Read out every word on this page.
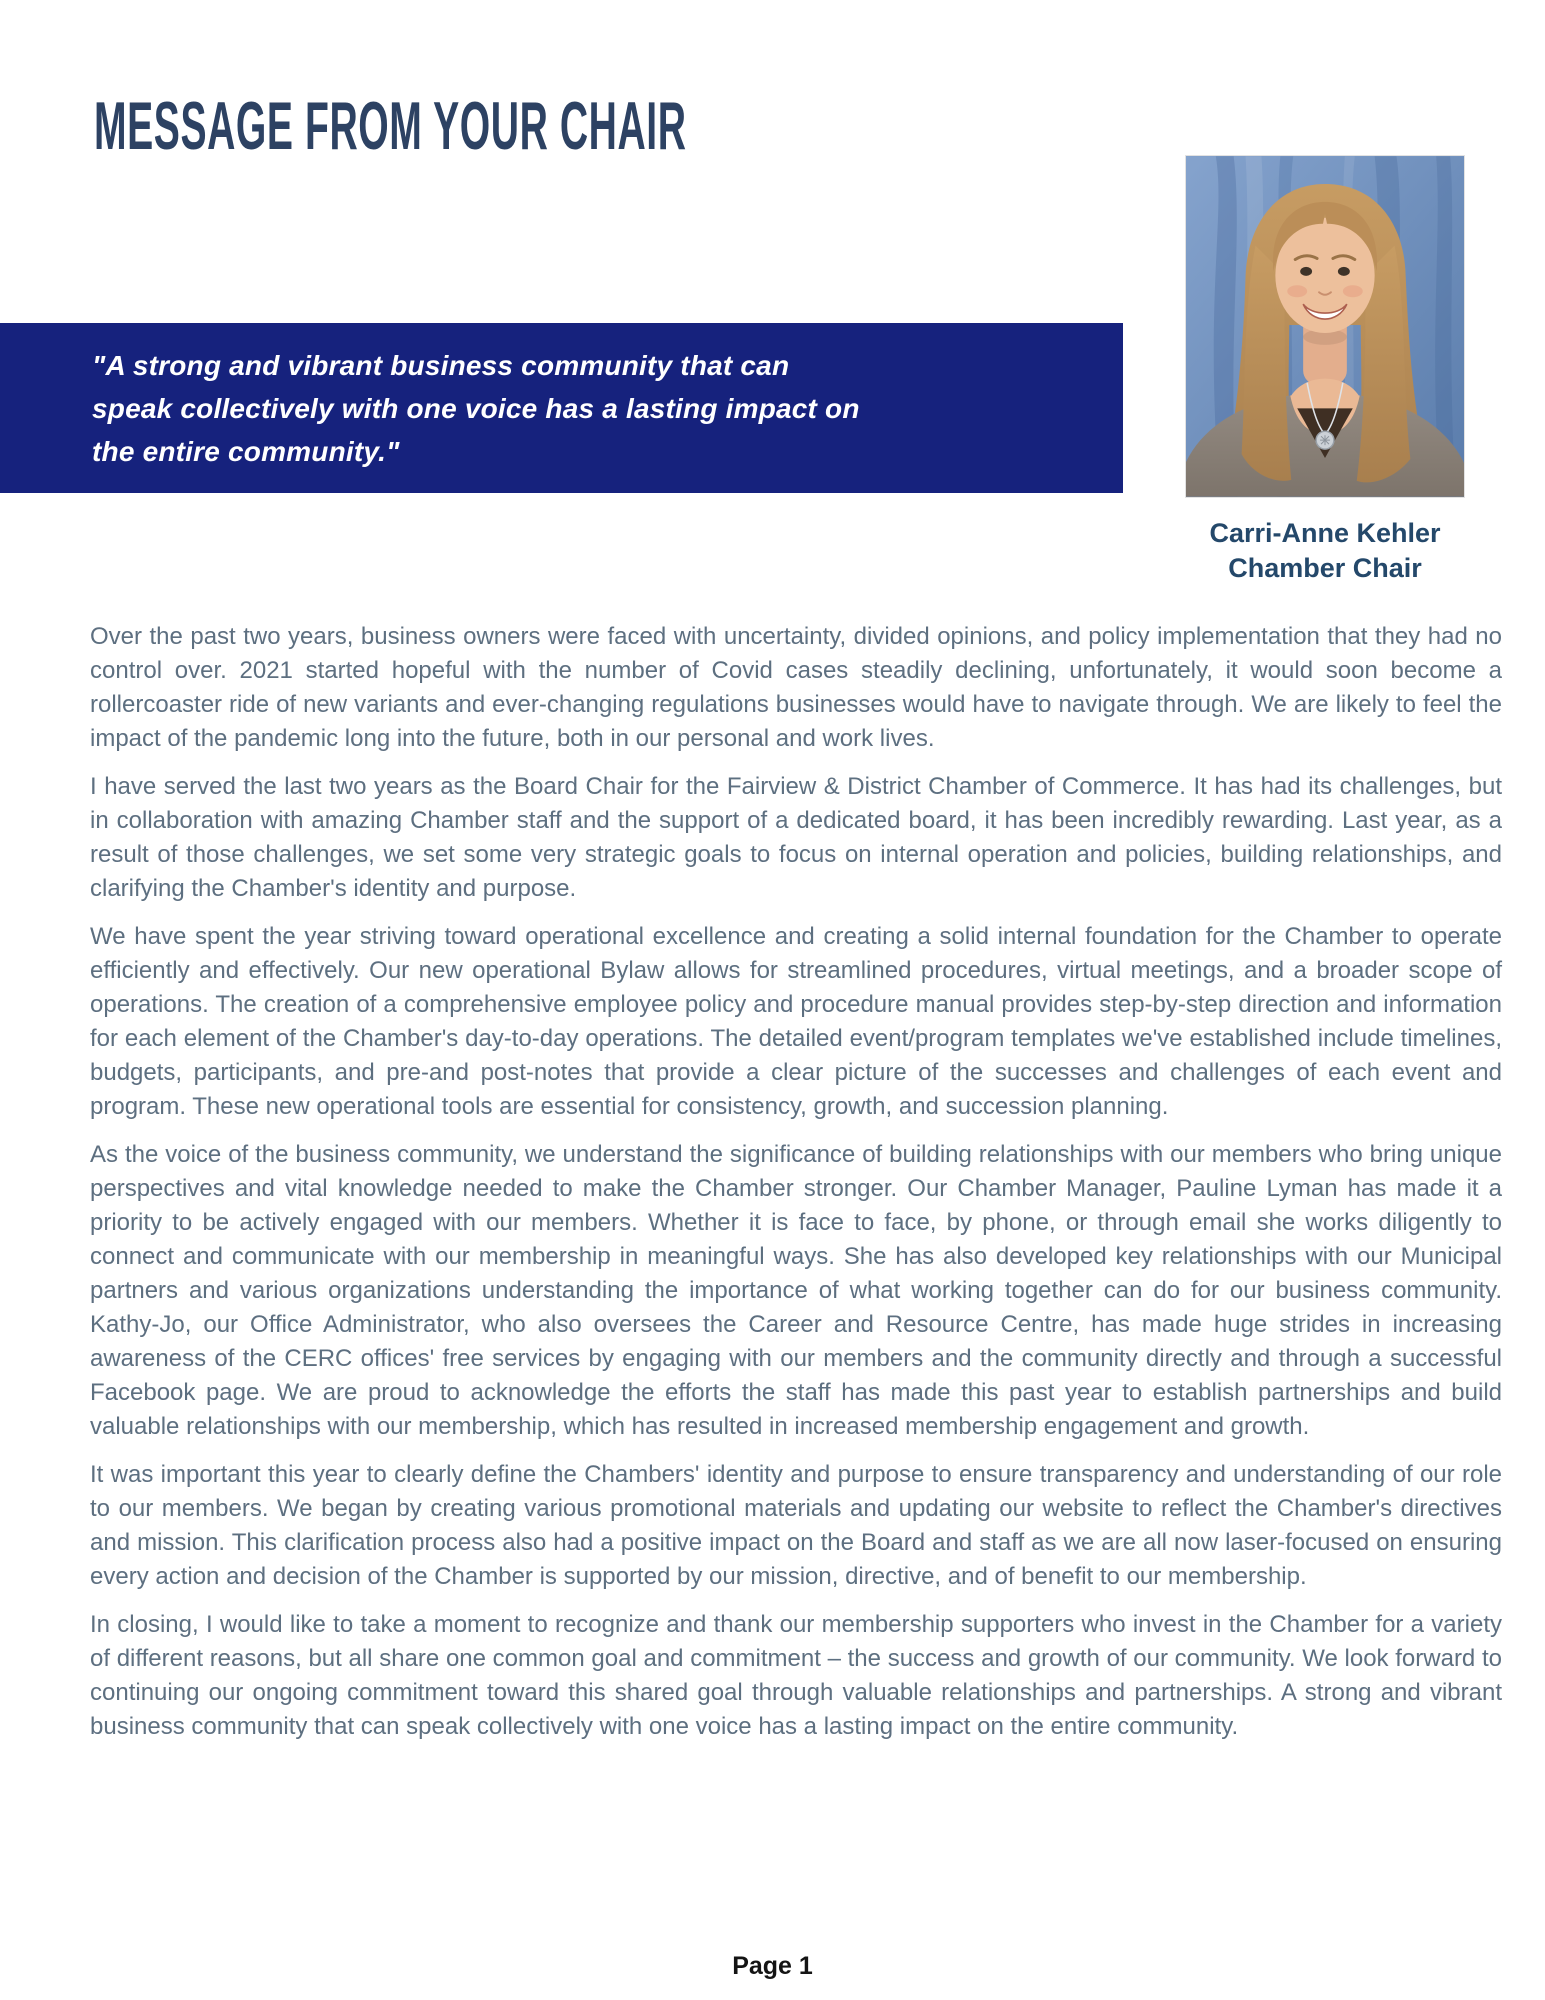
MESSAGE FROM YOUR CHAIR
"A strong and vibrant business community that can
speak collectively with one voice has a lasting impact on
the entire community."
Carri-Anne Kehler
Chamber Chair

Over the past two years, business owners were faced with uncertainty, divided opinions, and policy implementation that they had no control over. 2021 started hopeful with the number of Covid cases steadily declining, unfortunately, it would soon become a rollercoaster ride of new variants and ever-changing regulations businesses would have to navigate through. We are likely to feel the impact of the pandemic long into the future, both in our personal and work lives.

I have served the last two years as the Board Chair for the Fairview & District Chamber of Commerce. It has had its challenges, but in collaboration with amazing Chamber staff and the support of a dedicated board, it has been incredibly rewarding. Last year, as a result of those challenges, we set some very strategic goals to focus on internal operation and policies, building relationships, and clarifying the Chamber's identity and purpose.

We have spent the year striving toward operational excellence and creating a solid internal foundation for the Chamber to operate efficiently and effectively. Our new operational Bylaw allows for streamlined procedures, virtual meetings, and a broader scope of operations. The creation of a comprehensive employee policy and procedure manual provides step-by-step direction and information for each element of the Chamber's day-to-day operations. The detailed event/program templates we've established include timelines, budgets, participants, and pre-and post-notes that provide a clear picture of the successes and challenges of each event and program. These new operational tools are essential for consistency, growth, and succession planning.

As the voice of the business community, we understand the significance of building relationships with our members who bring unique perspectives and vital knowledge needed to make the Chamber stronger. Our Chamber Manager, Pauline Lyman has made it a priority to be actively engaged with our members. Whether it is face to face, by phone, or through email she works diligently to connect and communicate with our membership in meaningful ways. She has also developed key relationships with our Municipal partners and various organizations understanding the importance of what working together can do for our business community. Kathy-Jo, our Office Administrator, who also oversees the Career and Resource Centre, has made huge strides in increasing awareness of the CERC offices' free services by engaging with our members and the community directly and through a successful Facebook page. We are proud to acknowledge the efforts the staff has made this past year to establish partnerships and build valuable relationships with our membership, which has resulted in increased membership engagement and growth.

It was important this year to clearly define the Chambers' identity and purpose to ensure transparency and understanding of our role to our members. We began by creating various promotional materials and updating our website to reflect the Chamber's directives and mission. This clarification process also had a positive impact on the Board and staff as we are all now laser-focused on ensuring every action and decision of the Chamber is supported by our mission, directive, and of benefit to our membership.

In closing, I would like to take a moment to recognize and thank our membership supporters who invest in the Chamber for a variety of different reasons, but all share one common goal and commitment – the success and growth of our community. We look forward to continuing our ongoing commitment toward this shared goal through valuable relationships and partnerships. A strong and vibrant business community that can speak collectively with one voice has a lasting impact on the entire community.

Page 1
